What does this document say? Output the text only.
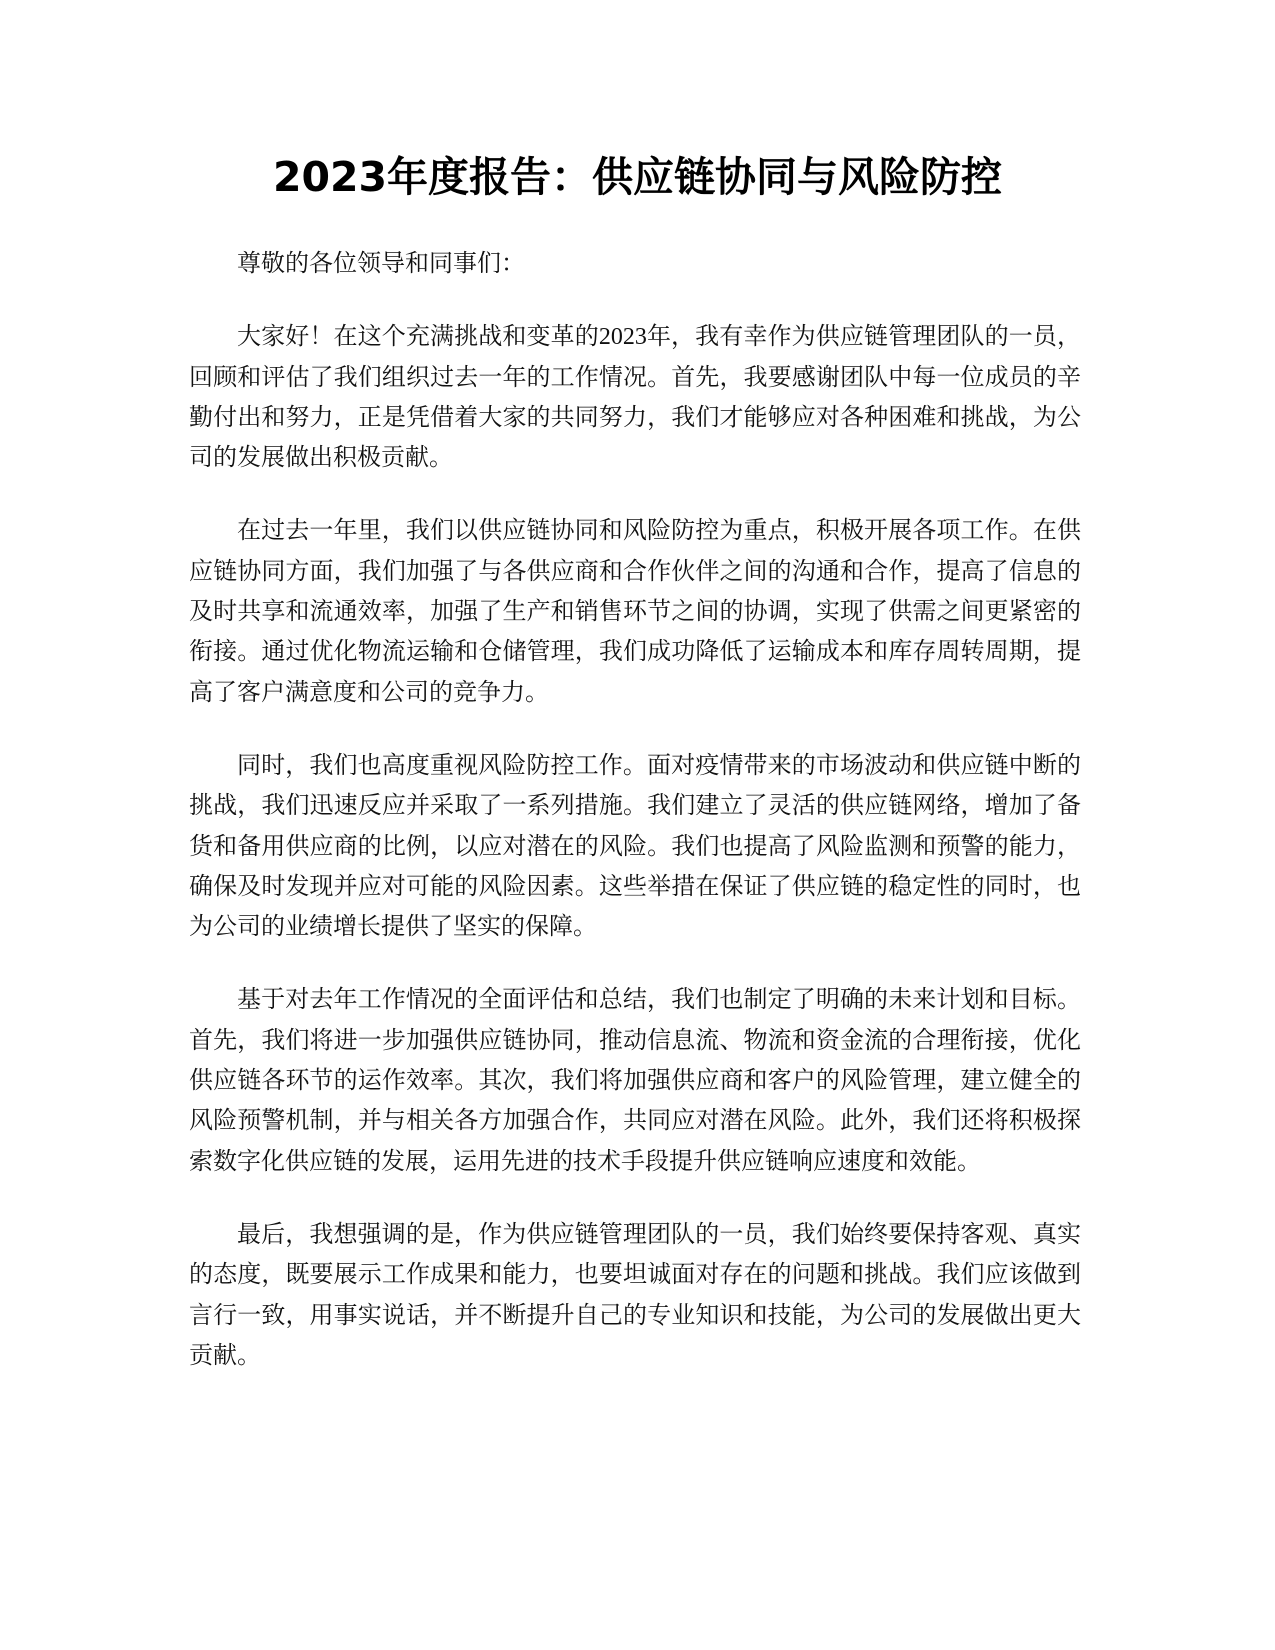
2023年度报告：供应链协同与风险防控

尊敬的各位领导和同事们：

大家好！在这个充满挑战和变革的2023年，我有幸作为供应链管理团队的一员，回顾和评估了我们组织过去一年的工作情况。首先，我要感谢团队中每一位成员的辛勤付出和努力，正是凭借着大家的共同努力，我们才能够应对各种困难和挑战，为公司的发展做出积极贡献。

在过去一年里，我们以供应链协同和风险防控为重点，积极开展各项工作。在供应链协同方面，我们加强了与各供应商和合作伙伴之间的沟通和合作，提高了信息的及时共享和流通效率，加强了生产和销售环节之间的协调，实现了供需之间更紧密的衔接。通过优化物流运输和仓储管理，我们成功降低了运输成本和库存周转周期，提高了客户满意度和公司的竞争力。

同时，我们也高度重视风险防控工作。面对疫情带来的市场波动和供应链中断的挑战，我们迅速反应并采取了一系列措施。我们建立了灵活的供应链网络，增加了备货和备用供应商的比例，以应对潜在的风险。我们也提高了风险监测和预警的能力，确保及时发现并应对可能的风险因素。这些举措在保证了供应链的稳定性的同时，也为公司的业绩增长提供了坚实的保障。

基于对去年工作情况的全面评估和总结，我们也制定了明确的未来计划和目标。首先，我们将进一步加强供应链协同，推动信息流、物流和资金流的合理衔接，优化供应链各环节的运作效率。其次，我们将加强供应商和客户的风险管理，建立健全的风险预警机制，并与相关各方加强合作，共同应对潜在风险。此外，我们还将积极探索数字化供应链的发展，运用先进的技术手段提升供应链响应速度和效能。

最后，我想强调的是，作为供应链管理团队的一员，我们始终要保持客观、真实的态度，既要展示工作成果和能力，也要坦诚面对存在的问题和挑战。我们应该做到言行一致，用事实说话，并不断提升自己的专业知识和技能，为公司的发展做出更大贡献。
